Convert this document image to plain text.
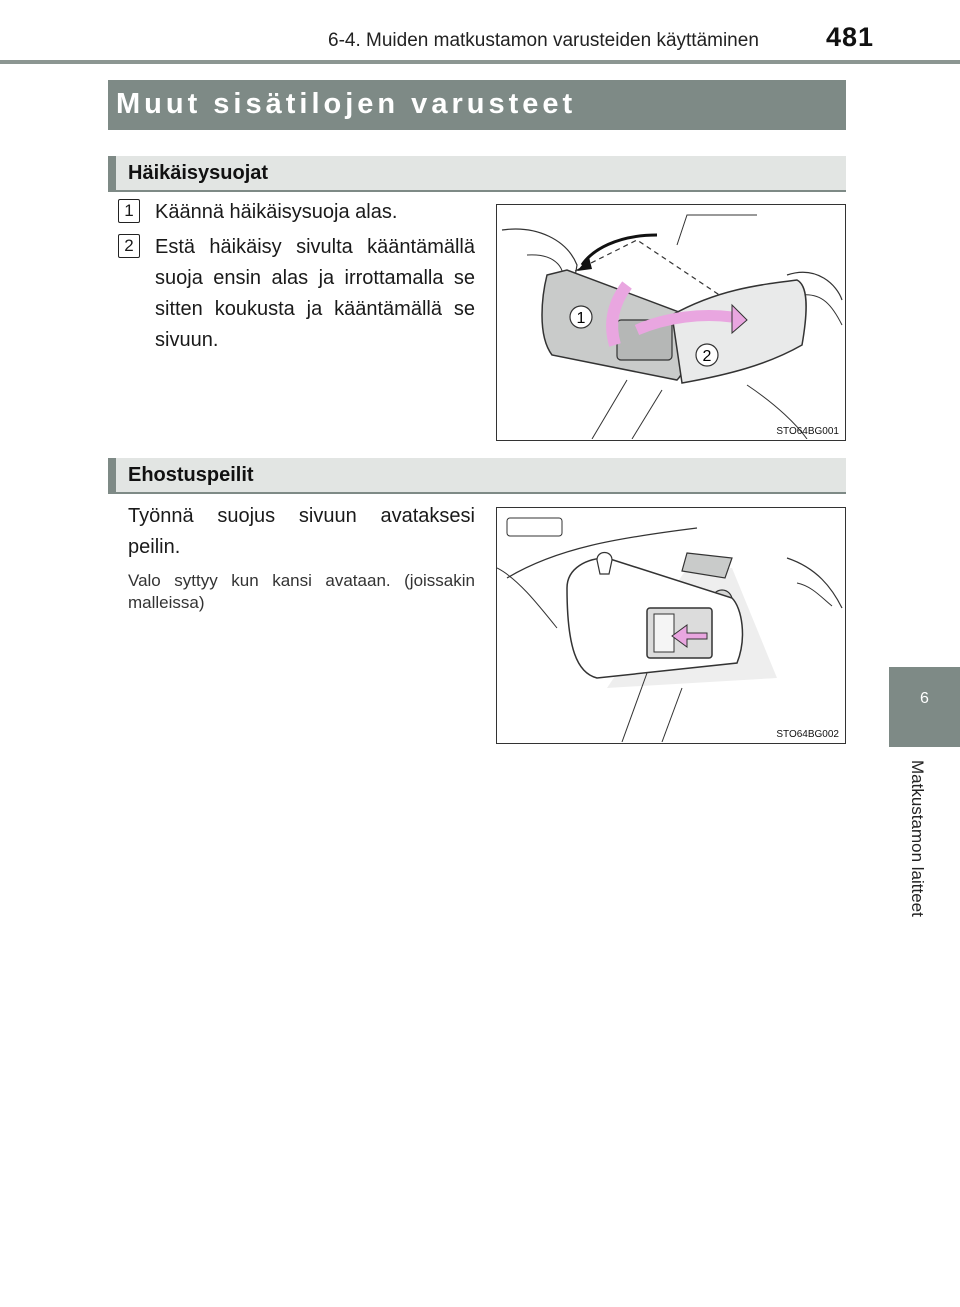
6-4. Muiden matkustamon varusteiden käyttäminen 481
Muut sisätilojen varusteet
Häikäisysuojat
1	Käännä häikäisysuoja alas.
2	Estä häikäisy sivulta kääntämällä suoja ensin alas ja irrottamalla se sitten koukusta ja kääntämällä se sivuun.
1
2
STO64BG001
Ehostuspeilit
Työnnä suojus sivuun avataksesi peilin.
Valo syttyy kun kansi avataan. (joissakin malleissa)
STO64BG002
6
Matkustamon laitteet
